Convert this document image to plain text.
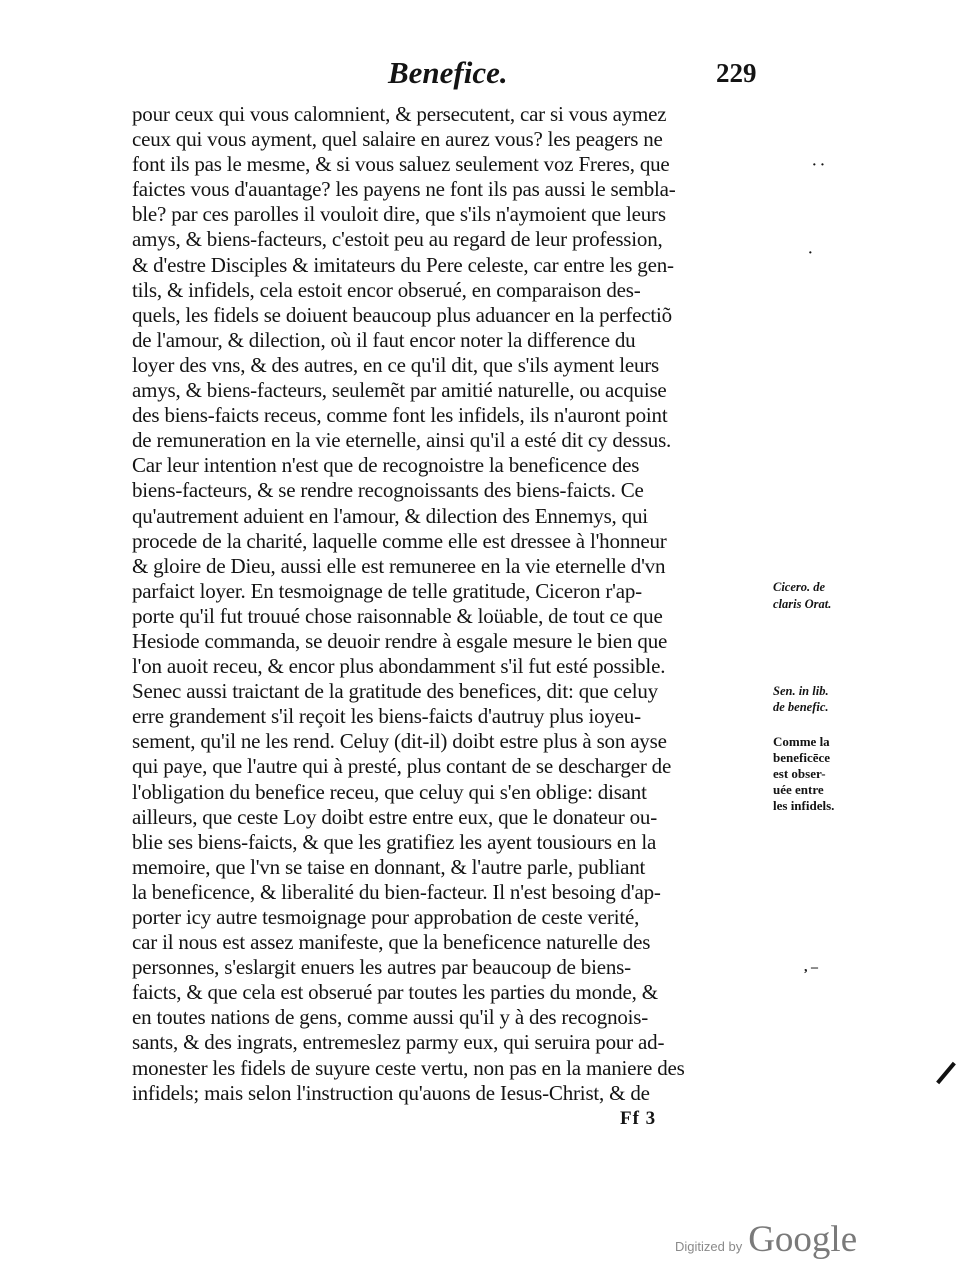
Benefice.	229
pour ceux qui vous calomnient, & persecutent, car si vous aymez
ceux qui vous ayment, quel salaire en aurez vous? les peagers ne
font ils pas le mesme, & si vous saluez seulement voz Freres, que
faictes vous d'auantage? les payens ne font ils pas aussi le sembla-
ble? par ces parolles il vouloit dire, que s'ils n'aymoient que leurs
amys, & biens-facteurs, c'estoit peu au regard de leur profession,
& d'estre Disciples & imitateurs du Pere celeste, car entre les gen-
tils, & infidels, cela estoit encor obserué, en comparaison des-
quels, les fidels se doiuent beaucoup plus aduancer en la perfectiõ
de l'amour, & dilection, où il faut encor noter la difference du
loyer des vns, & des autres, en ce qu'il dit, que s'ils ayment leurs
amys, & biens-facteurs, seulemẽt par amitié naturelle, ou acquise
des biens-faicts receus, comme font les infidels, ils n'auront point
de remuneration en la vie eternelle, ainsi qu'il a esté dit cy dessus.
Car leur intention n'est que de recognoistre la beneficence des
biens-facteurs, & se rendre recognoissants des biens-faicts. Ce
qu'autrement aduient en l'amour, & dilection des Ennemys, qui
procede de la charité, laquelle comme elle est dressee à l'honneur
& gloire de Dieu, aussi elle est remuneree en la vie eternelle d'vn
parfaict loyer. En tesmoignage de telle gratitude, Ciceron r'ap-
porte qu'il fut trouué chose raisonnable & loüable, de tout ce que
Hesiode commanda, se deuoir rendre à esgale mesure le bien que
l'on auoit receu, & encor plus abondamment s'il fut esté possible.
Senec aussi traictant de la gratitude des benefices, dit: que celuy
erre grandement s'il reçoit les biens-faicts d'autruy plus ioyeu-
sement, qu'il ne les rend. Celuy (dit-il) doibt estre plus à son ayse
qui paye, que l'autre qui à presté, plus contant de se descharger de
l'obligation du benefice receu, que celuy qui s'en oblige: disant
ailleurs, que ceste Loy doibt estre entre eux, que le donateur ou-
blie ses biens-faicts, & que les gratifiez les ayent tousiours en la
memoire, que l'vn se taise en donnant, & l'autre parle, publiant
la beneficence, & liberalité du bien-facteur. Il n'est besoing d'ap-
porter icy autre tesmoignage pour approbation de ceste verité,
car il nous est assez manifeste, que la beneficence naturelle des
personnes, s'eslargit enuers les autres par beaucoup de biens-
faicts, & que cela est obserué par toutes les parties du monde, &
en toutes nations de gens, comme aussi qu'il y à des recognois-
sants, & des ingrats, entremeslez parmy eux, qui seruira pour ad-
monester les fidels de suyure ceste vertu, non pas en la maniere des
infidels; mais selon l'instruction qu'auons de Iesus-Christ, & de
Cicero. de
claris Orat.
Sen. in lib.
de benefic.
Comme la
beneficēce
est obser-
uée entre
les infidels.
· ·
·
, –
Ff 3
Digitized by Google
